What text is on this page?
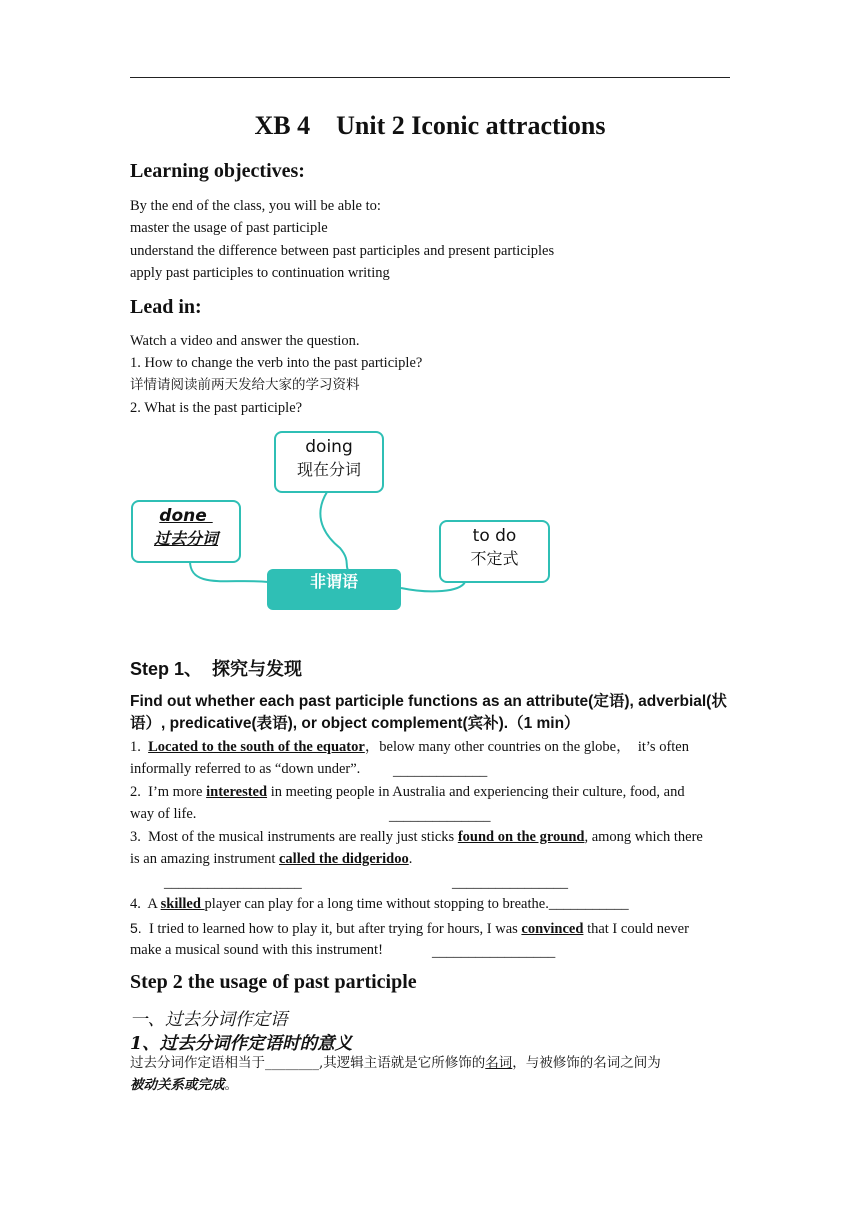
XB 4    Unit 2 Iconic attractions
Learning objectives:
By the end of the class, you will be able to:
master the usage of past participle
understand the difference between past participles and present participles
apply past participles to continuation writing
Lead in:
Watch a video and answer the question.
1. How to change the verb into the past participle?
详情请阅读前两天发给大家的学习资料
2. What is the past participle?
doing
现在分词
done
过去分词	to do
不定式
非谓语
Step 1、  探究与发现
Find out whether each past participle functions as an attribute(定语), adverbial(状语）, predicative(表语), or object complement(宾补).（1 min）
1.  Located to the south of the equator，below many other countries on the globe，  it’s often
informally referred to as “down under”. _____________
2.  I’m more interested in meeting people in Australia and experiencing their culture, food, and
way of life.	______________
3.  Most of the musical instruments are really just sticks found on the ground, among which there
is an amazing instrument called the didgeridoo.
___________________	________________
4.  A skilled player can play for a long time without stopping to breathe.___________
5.  I tried to learned how to play it, but after trying for hours, I was convinced that I could never
make a musical sound with this instrument!	_________________
Step 2 the usage of past participle
一、过去分词作定语
1、过去分词作定语时的意义
过去分词作定语相当于________,其逻辑主语就是它所修饰的名词，与被修饰的名词之间为
被动关系或完成。
